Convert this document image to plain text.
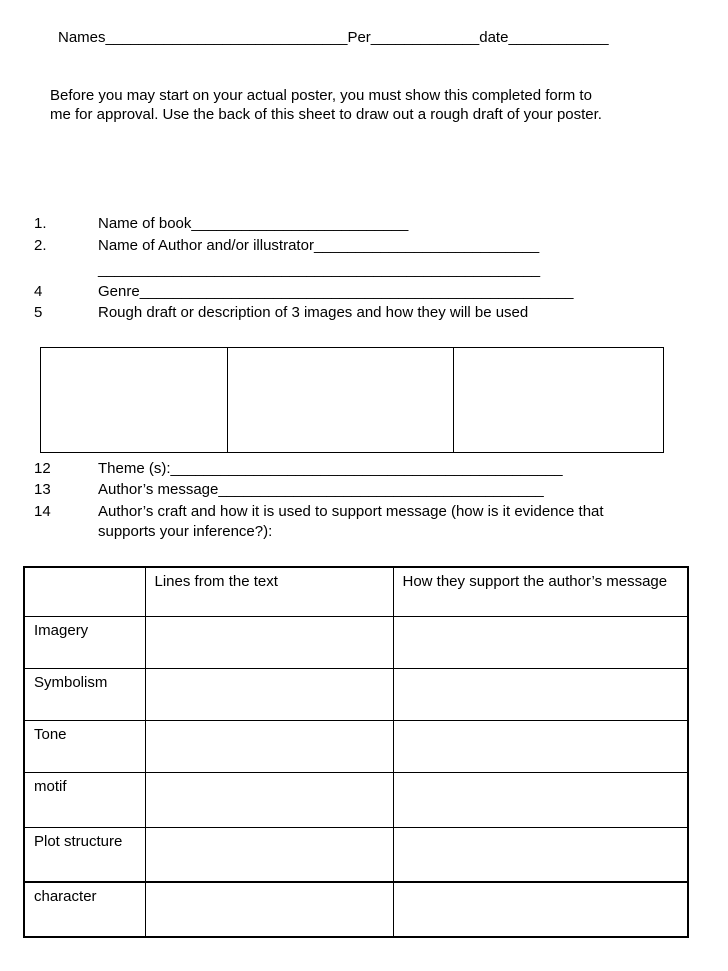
Names_____________________________Per_____________date____________
Before you may start on your actual poster, you must show this completed form to
me for approval. Use the back of this sheet to draw out a rough draft of your poster.
1.	Name of book__________________________
2.	Name of Author and/or illustrator___________________________
_____________________________________________________
4	Genre____________________________________________________
5	Rough draft or description of 3 images and how they will be used
12	Theme (s):_______________________________________________
13	Author’s message_______________________________________
14	Author’s craft and how it is used to support message (how is it evidence that supports your inference?):
	Lines from the text	How they support the author’s message
Imagery		
Symbolism		
Tone		
motif		
Plot structure		
character		
